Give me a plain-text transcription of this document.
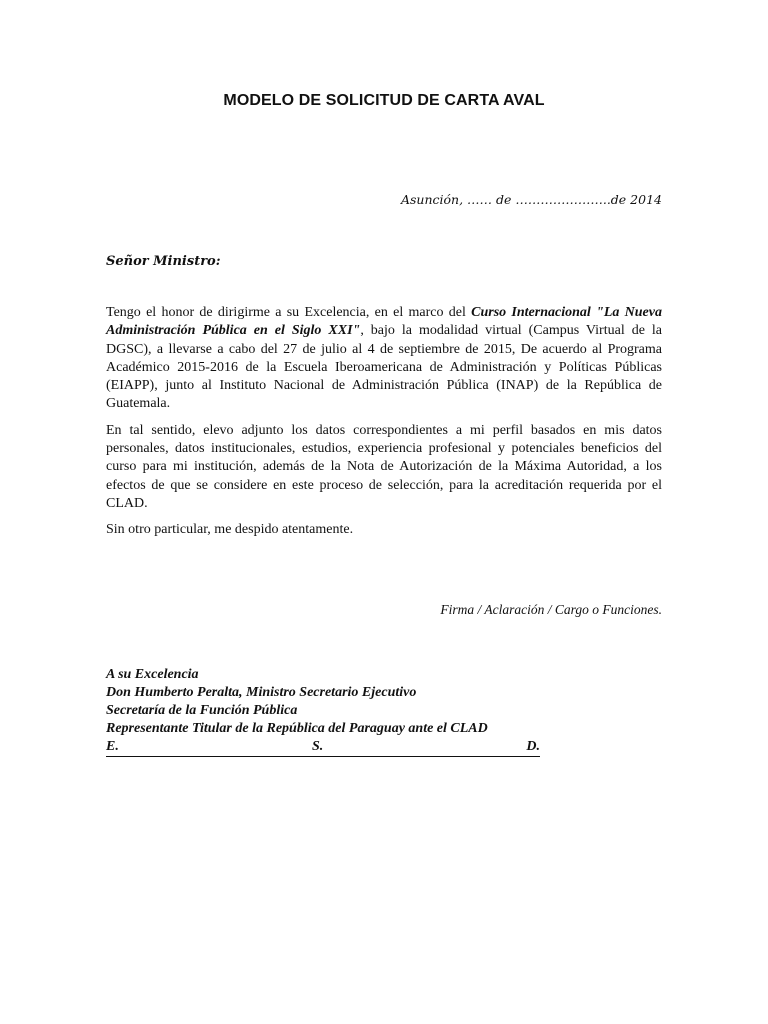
MODELO DE SOLICITUD DE CARTA AVAL
Asunción, …… de …………………..de 2014
Señor Ministro:

Tengo el honor de dirigirme a su Excelencia, en el marco del Curso Internacional "La Nueva Administración Pública en el Siglo XXI", bajo la modalidad virtual (Campus Virtual de la DGSC), a llevarse a cabo del 27 de julio al 4 de septiembre de 2015, De acuerdo al Programa Académico 2015-2016 de la Escuela Iberoamericana de Administración y Políticas Públicas (EIAPP), junto al Instituto Nacional de Administración Pública (INAP) de la República de Guatemala.

En tal sentido, elevo adjunto los datos correspondientes a mi perfil basados en mis datos personales, datos institucionales, estudios, experiencia profesional y potenciales beneficios del curso para mi institución, además de la Nota de Autorización de la Máxima Autoridad, a los efectos de que se considere en este proceso de selección, para la acreditación requerida por el CLAD.

Sin otro particular, me despido atentamente.

Firma / Aclaración / Cargo o Funciones.
A su Excelencia
Don Humberto Peralta, Ministro Secretario Ejecutivo
Secretaría de la Función Pública
Representante Titular de la República del Paraguay ante el CLAD
E.	S.	D.
